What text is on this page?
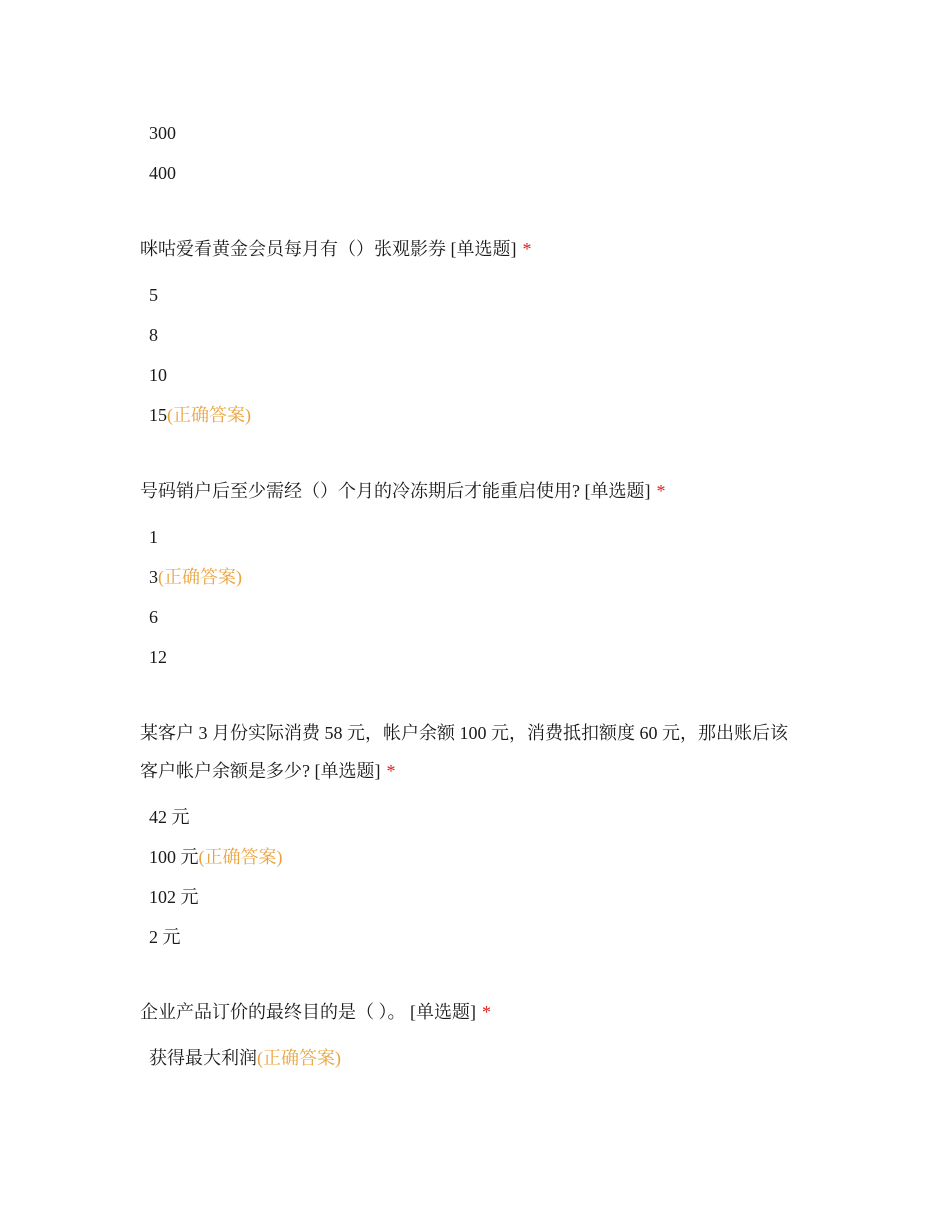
300
400
咪咕爱看黄金会员每月有（）张观影券 [单选题] *
5
8
10
15(正确答案)
号码销户后至少需经（）个月的冷冻期后才能重启使用? [单选题] *
1
3(正确答案)
6
12
某客户 3 月份实际消费 58 元，帐户余额 100 元，消费抵扣额度 60 元，那出账后该
客户帐户余额是多少? [单选题] *
42 元
100 元(正确答案)
102 元
2 元
企业产品订价的最终目的是（ ）。 [单选题] *
获得最大利润(正确答案)
